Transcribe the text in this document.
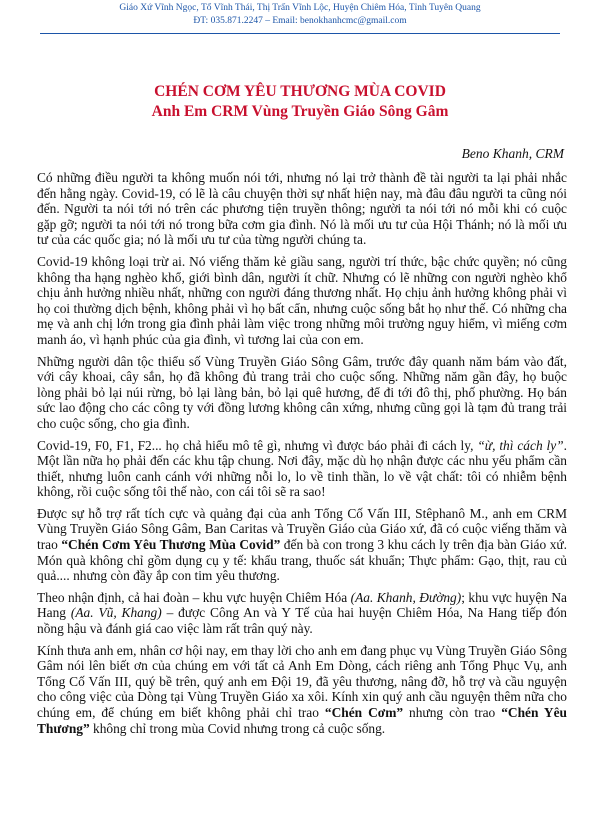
Giáo Xứ Vĩnh Ngọc, Tổ Vĩnh Thái, Thị Trấn Vĩnh Lộc, Huyện Chiêm Hóa, Tỉnh Tuyên Quang
ĐT: 035.871.2247 – Email: benokhanhcmc@gmail.com
CHÉN CƠM YÊU THƯƠNG MÙA COVID
Anh Em CRM Vùng Truyền Giáo Sông Gâm
Beno Khanh, CRM

Có những điều người ta không muốn nói tới, nhưng nó lại trở thành đề tài người ta lại phải nhắc đến hằng ngày. Covid-19, có lẽ là câu chuyện thời sự nhất hiện nay, mà đâu đâu người ta cũng nói đến. Người ta nói tới nó trên các phương tiện truyền thông; người ta nói tới nó mỗi khi có cuộc gặp gỡ; người ta nói tới nó trong bữa cơm gia đình. Nó là mối ưu tư của Hội Thánh; nó là mối ưu tư của các quốc gia; nó là mối ưu tư của từng người chúng ta.

Covid-19 không loại trừ ai. Nó viếng thăm kẻ giầu sang, người trí thức, bậc chức quyền; nó cũng không tha hạng nghèo khổ, giới bình dân, người ít chữ. Nhưng có lẽ những con người nghèo khổ chịu ảnh hưởng nhiều nhất, những con người đáng thương nhất. Họ chịu ảnh hưởng không phải vì họ coi thường dịch bệnh, không phải vì họ bất cẩn, nhưng cuộc sống bắt họ như thế. Có những cha mẹ và anh chị lớn trong gia đình phải làm việc trong những môi trường nguy hiểm, vì miếng cơm manh áo, vì hạnh phúc của gia đình, vì tương lai của con em.

Những người dân tộc thiểu số Vùng Truyền Giáo Sông Gâm, trước đây quanh năm bám vào đất, với cây khoai, cây sắn, họ đã không đủ trang trải cho cuộc sống. Những năm gần đây, họ buộc lòng phải bỏ lại núi rừng, bỏ lại làng bản, bỏ lại quê hương, để đi tới đô thị, phố phường. Họ bán sức lao động cho các công ty với đồng lương không cân xứng, nhưng cũng gọi là tạm đủ trang trải cho cuộc sống, cho gia đình.

Covid-19, F0, F1, F2... họ chả hiểu mô tê gì, nhưng vì được báo phải đi cách ly, “ừ, thì cách ly”. Một lần nữa họ phải đến các khu tập chung. Nơi đây, mặc dù họ nhận được các nhu yếu phẩm cần thiết, nhưng luôn canh cánh với những nỗi lo, lo về tinh thần, lo về vật chất: tôi có nhiễm bệnh không, rồi cuộc sống tôi thế nào, con cái tôi sẽ ra sao!

Được sự hỗ trợ rất tích cực và quảng đại của anh Tổng Cố Vấn III, Stêphanô M., anh em CRM Vùng Truyền Giáo Sông Gâm, Ban Caritas và Truyền Giáo của Giáo xứ, đã có cuộc viếng thăm và trao “Chén Cơm Yêu Thương Mùa Covid” đến bà con trong 3 khu cách ly trên địa bàn Giáo xứ. Món quà không chỉ gồm dụng cụ y tế: khẩu trang, thuốc sát khuẩn; Thực phẩm: Gạo, thịt, rau củ quả.... nhưng còn đầy ắp con tim yêu thương.

Theo nhận định, cả hai đoàn – khu vực huyện Chiêm Hóa (Aa. Khanh, Đường); khu vực huyện Na Hang (Aa. Vũ, Khang) – được Công An và Y Tế của hai huyện Chiêm Hóa, Na Hang tiếp đón nồng hậu và đánh giá cao việc làm rất trân quý này.

Kính thưa anh em, nhân cơ hội nay, em thay lời cho anh em đang phục vụ Vùng Truyền Giáo Sông Gâm nói lên biết ơn của chúng em với tất cả Anh Em Dòng, cách riêng anh Tổng Phục Vụ, anh Tổng Cố Vấn III, quý bề trên, quý anh em Đội 19, đã yêu thương, nâng đỡ, hỗ trợ và cầu nguyện cho công việc của Dòng tại Vùng Truyền Giáo xa xôi. Kính xin quý anh cầu nguyện thêm nữa cho chúng em, để chúng em biết không phải chỉ trao “Chén Cơm” nhưng còn trao “Chén Yêu Thương” không chỉ trong mùa Covid nhưng trong cả cuộc sống.
